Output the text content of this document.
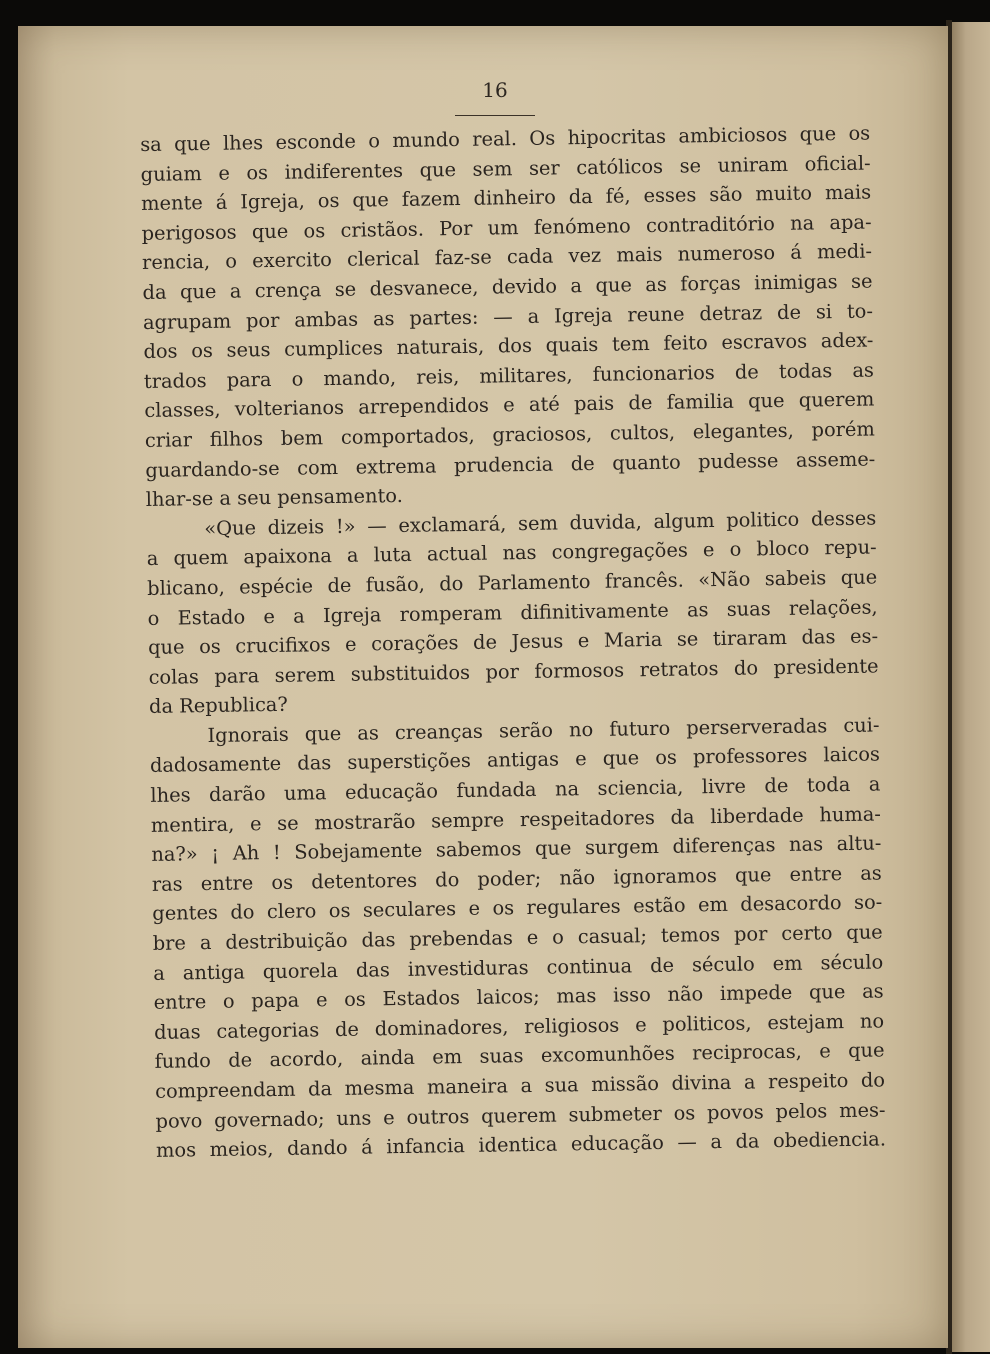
16
sa que lhes esconde o mundo real. Os hipocritas ambiciosos que os
guiam e os indiferentes que sem ser católicos se uniram oficial-
mente á Igreja, os que fazem dinheiro da fé, esses são muito mais
perigosos que os cristãos. Por um fenómeno contraditório na apa-
rencia, o exercito clerical faz-se cada vez mais numeroso á medi-
da que a crença se desvanece, devido a que as forças inimigas se
agrupam por ambas as partes: — a Igreja reune detraz de si to-
dos os seus cumplices naturais, dos quais tem feito escravos adex-
trados para o mando, reis, militares, funcionarios de todas as
classes, volterianos arrependidos e até pais de familia que querem
criar filhos bem comportados, graciosos, cultos, elegantes, porém
guardando-se com extrema prudencia de quanto pudesse asseme-
lhar-se a seu pensamento.
«Que dizeis !» — exclamará, sem duvida, algum politico desses
a quem apaixona a luta actual nas congregações e o bloco repu-
blicano, espécie de fusão, do Parlamento francês. «Não sabeis que
o Estado e a Igreja romperam difinitivamente as suas relações,
que os crucifixos e corações de Jesus e Maria se tiraram das es-
colas para serem substituidos por formosos retratos do presidente
da Republica?
Ignorais que as creanças serão no futuro perserveradas cui-
dadosamente das superstições antigas e que os professores laicos
lhes darão uma educação fundada na sciencia, livre de toda a
mentira, e se mostrarão sempre respeitadores da liberdade huma-
na?» ¡ Ah ! Sobejamente sabemos que surgem diferenças nas altu-
ras entre os detentores do poder; não ignoramos que entre as
gentes do clero os seculares e os regulares estão em desacordo so-
bre a destribuição das prebendas e o casual; temos por certo que
a antiga quorela das investiduras continua de século em século
entre o papa e os Estados laicos; mas isso não impede que as
duas categorias de dominadores, religiosos e politicos, estejam no
fundo de acordo, ainda em suas excomunhões reciprocas, e que
compreendam da mesma maneira a sua missão divina a respeito do
povo governado; uns e outros querem submeter os povos pelos mes-
mos meios, dando á infancia identica educação — a da obediencia.
